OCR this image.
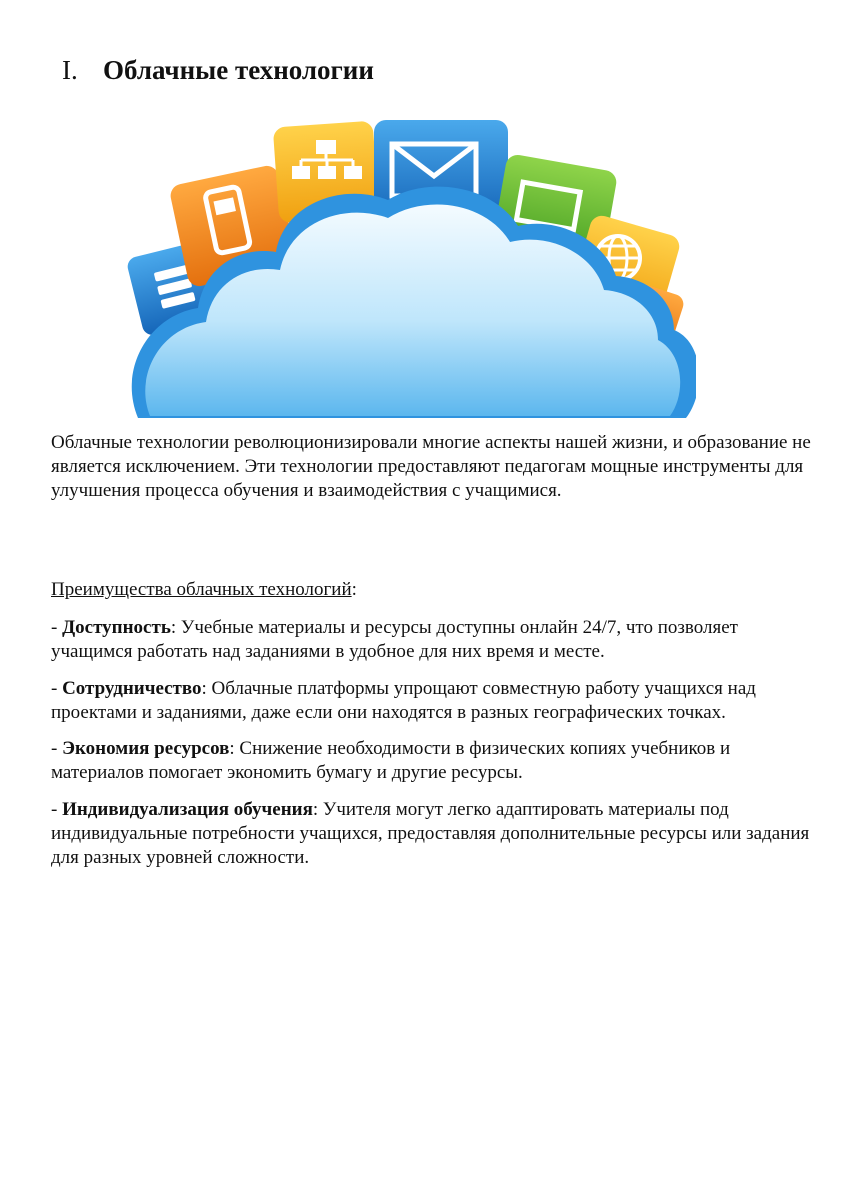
I. Облачные технологии

Облачные технологии революционизировали многие аспекты нашей жизни, и образование не является исключением. Эти технологии предоставляют педагогам мощные инструменты для улучшения процесса обучения и взаимодействия с учащимися.

Преимущества облачных технологий:

- Доступность: Учебные материалы и ресурсы доступны онлайн 24/7, что позволяет учащимся работать над заданиями в удобное для них время и месте.

- Сотрудничество: Облачные платформы упрощают совместную работу учащихся над проектами и заданиями, даже если они находятся в разных географических точках.

- Экономия ресурсов: Снижение необходимости в физических копиях учебников и материалов помогает экономить бумагу и другие ресурсы.

- Индивидуализация обучения: Учителя могут легко адаптировать материалы под индивидуальные потребности учащихся, предоставляя дополнительные ресурсы или задания для разных уровней сложности.
